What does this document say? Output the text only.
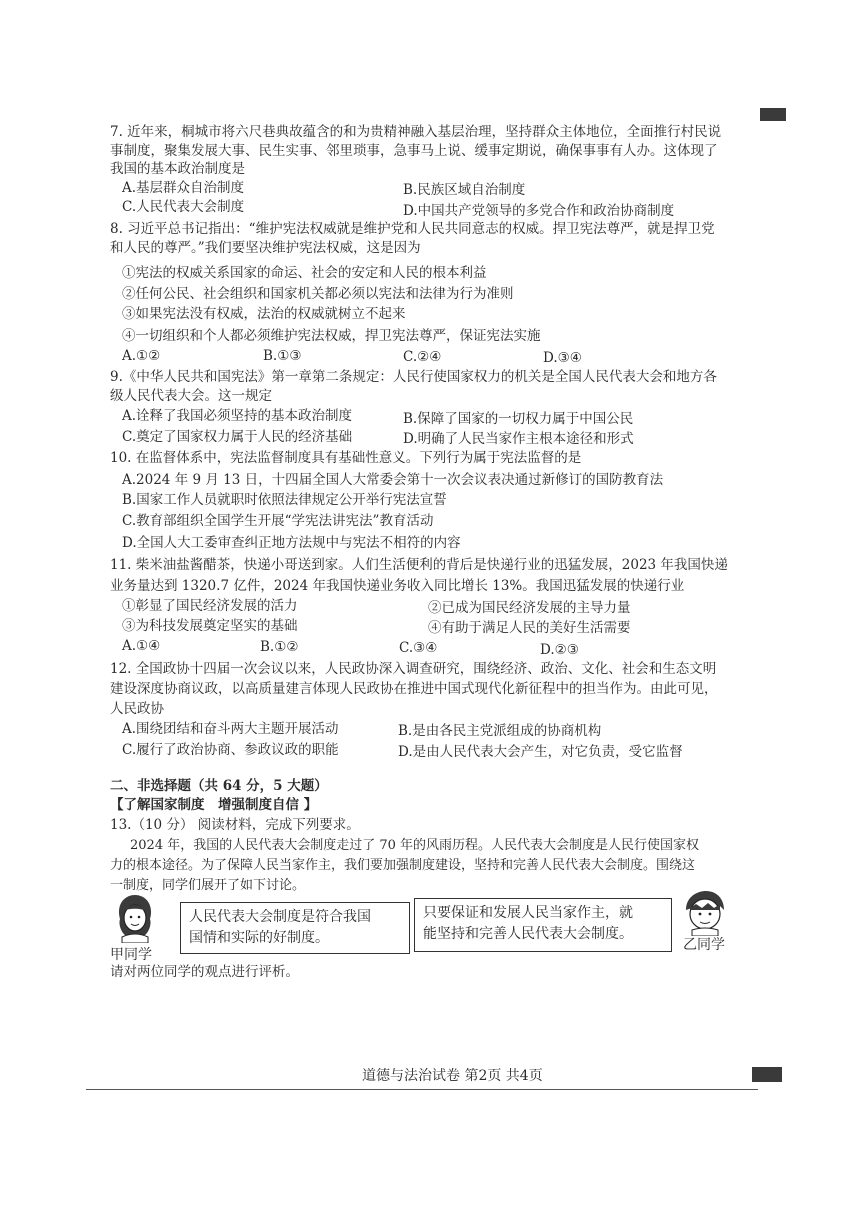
7. 近年来，桐城市将六尺巷典故蕴含的和为贵精神融入基层治理，坚持群众主体地位，全面推行村民说
事制度，聚集发展大事、民生实事、邻里琐事，急事马上说、缓事定期说，确保事事有人办。这体现了
我国的基本政治制度是
A.基层群众自治制度	B.民族区域自治制度
C.人民代表大会制度	D.中国共产党领导的多党合作和政治协商制度
8. 习近平总书记指出：“维护宪法权威就是维护党和人民共同意志的权威。捍卫宪法尊严，就是捍卫党
和人民的尊严。”我们要坚决维护宪法权威，这是因为
①宪法的权威关系国家的命运、社会的安定和人民的根本利益
②任何公民、社会组织和国家机关都必须以宪法和法律为行为准则
③如果宪法没有权威，法治的权威就树立不起来
④一切组织和个人都必须维护宪法权威，捍卫宪法尊严，保证宪法实施
A.①②	B.①③	C.②④	D.③④
9.《中华人民共和国宪法》第一章第二条规定：人民行使国家权力的机关是全国人民代表大会和地方各
级人民代表大会。这一规定
A.诠释了我国必须坚持的基本政治制度	B.保障了国家的一切权力属于中国公民
C.奠定了国家权力属于人民的经济基础	D.明确了人民当家作主根本途径和形式
10. 在监督体系中，宪法监督制度具有基础性意义。下列行为属于宪法监督的是
A.2024 年 9 月 13 日，十四届全国人大常委会第十一次会议表决通过新修订的国防教育法
B.国家工作人员就职时依照法律规定公开举行宪法宣誓
C.教育部组织全国学生开展“学宪法讲宪法”教育活动
D.全国人大工委审查纠正地方法规中与宪法不相符的内容
11. 柴米油盐酱醋茶，快递小哥送到家。人们生活便利的背后是快递行业的迅猛发展，2023 年我国快递
业务量达到 1320.7 亿件，2024 年我国快递业务收入同比增长 13%。我国迅猛发展的快递行业
①彰显了国民经济发展的活力	②已成为国民经济发展的主导力量
③为科技发展奠定坚实的基础	④有助于满足人民的美好生活需要
A.①④	B.①②	C.③④	D.②③
12. 全国政协十四届一次会议以来，人民政协深入调查研究，围绕经济、政治、文化、社会和生态文明
建设深度协商议政，以高质量建言体现人民政协在推进中国式现代化新征程中的担当作为。由此可见，
人民政协
A.围绕团结和奋斗两大主题开展活动	B.是由各民主党派组成的协商机构
C.履行了政治协商、参政议政的职能	D.是由人民代表大会产生，对它负责，受它监督
二、非选择题（共 64 分，5 大题）
【了解国家制度　增强制度自信 】
13.（10 分） 阅读材料，完成下列要求。
2024 年，我国的人民代表大会制度走过了 70 年的风雨历程。人民代表大会制度是人民行使国家权
力的根本途径。为了保障人民当家作主，我们要加强制度建设，坚持和完善人民代表大会制度。围绕这
一制度，同学们展开了如下讨论。
甲同学
人民代表大会制度是符合我国
国情和实际的好制度。
只要保证和发展人民当家作主，就
能坚持和完善人民代表大会制度。
乙同学
请对两位同学的观点进行评析。
道德与法治试卷 第2页 共4页
